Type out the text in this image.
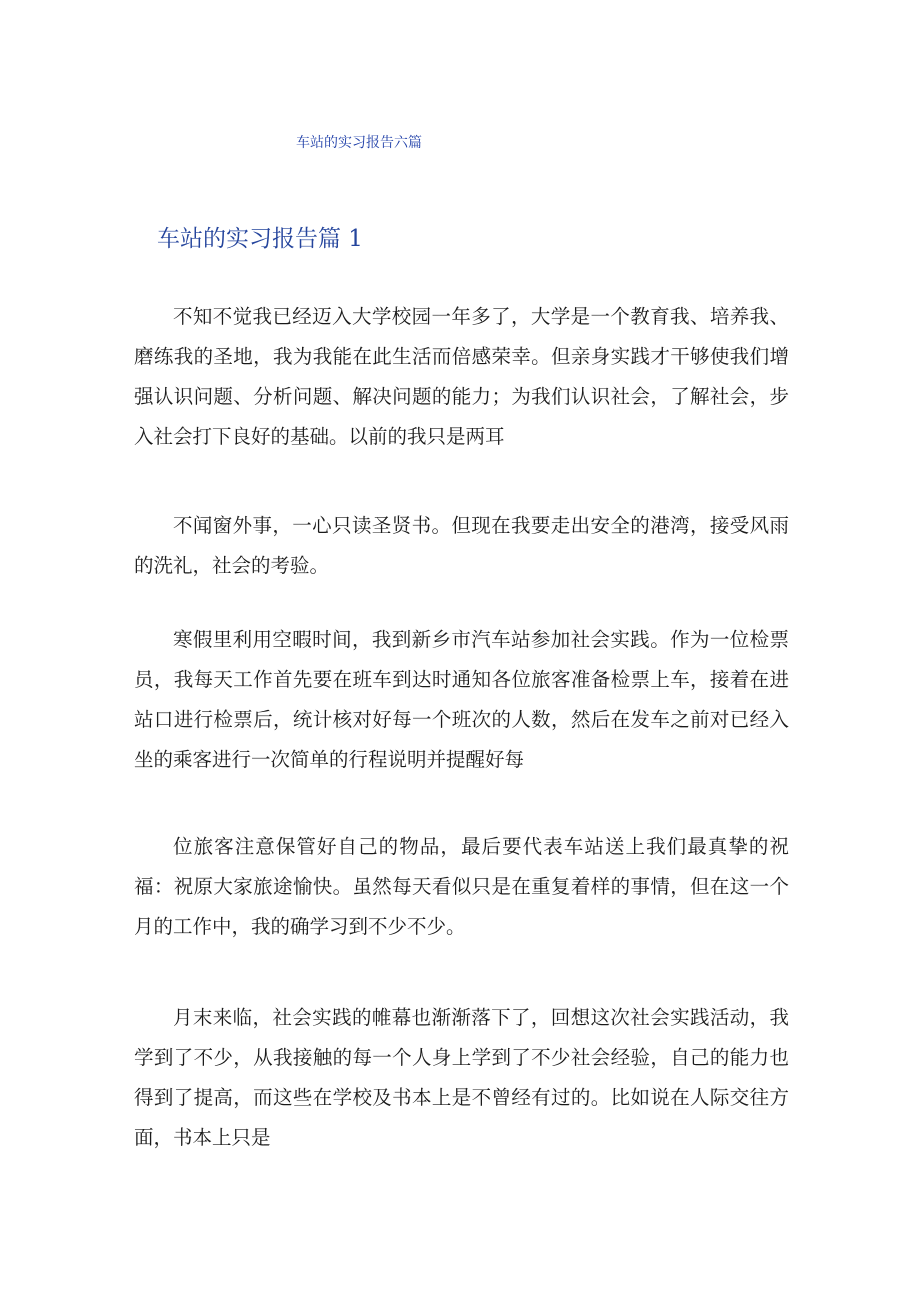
车站的实习报告六篇
车站的实习报告篇 1

不知不觉我已经迈入大学校园一年多了，大学是一个教育我、培养我、磨练我的圣地，我为我能在此生活而倍感荣幸。但亲身实践才干够使我们增强认识问题、分析问题、解决问题的能力；为我们认识社会，了解社会，步入社会打下良好的基础。以前的我只是两耳

不闻窗外事，一心只读圣贤书。但现在我要走出安全的港湾，接受风雨的洗礼，社会的考验。

寒假里利用空暇时间，我到新乡市汽车站参加社会实践。作为一位检票员，我每天工作首先要在班车到达时通知各位旅客准备检票上车，接着在进站口进行检票后，统计核对好每一个班次的人数，然后在发车之前对已经入坐的乘客进行一次简单的行程说明并提醒好每

位旅客注意保管好自己的物品，最后要代表车站送上我们最真挚的祝福：祝原大家旅途愉快。虽然每天看似只是在重复着样的事情，但在这一个月的工作中，我的确学习到不少不少。

月末来临，社会实践的帷幕也渐渐落下了，回想这次社会实践活动，我学到了不少，从我接触的每一个人身上学到了不少社会经验，自己的能力也得到了提高，而这些在学校及书本上是不曾经有过的。比如说在人际交往方面，书本上只是
